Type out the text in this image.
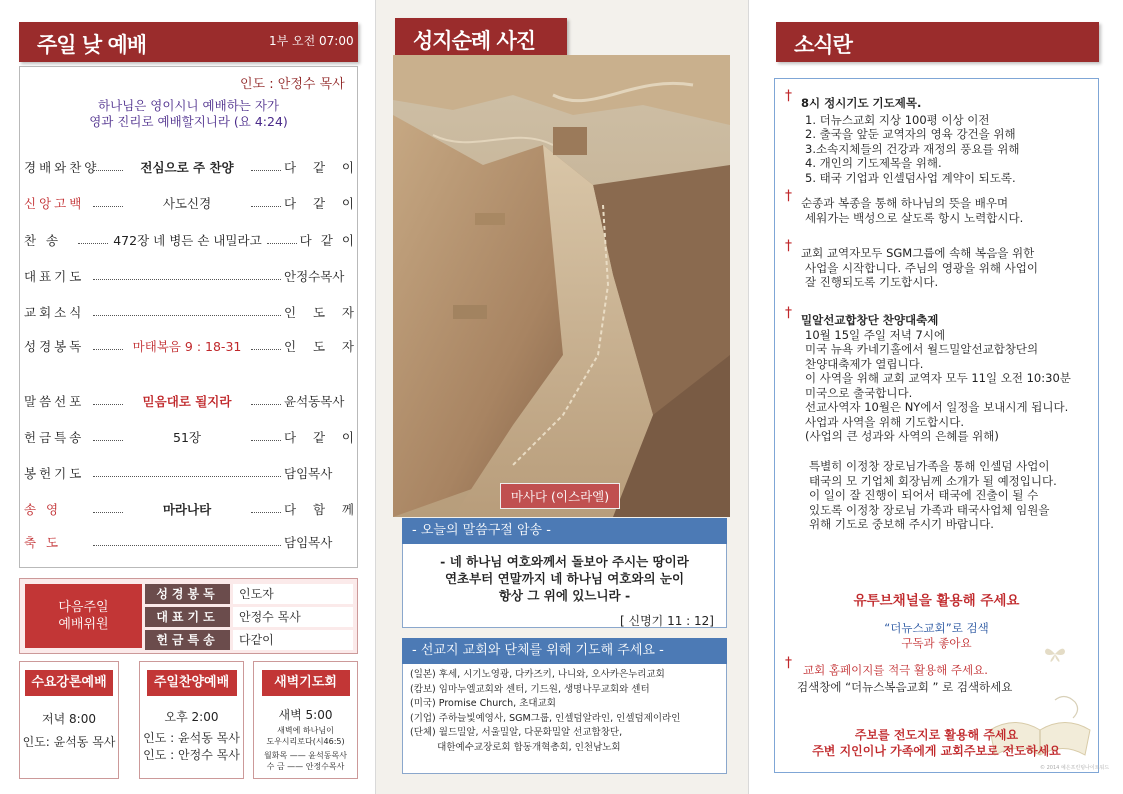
주일 낮 예배	1부 오전 07:00
인도 : 안정수 목사
하나님은 영이시니 예배하는 자가
영과 진리로 예배할지니라 (요 4:24)
경배와찬양	전심으로 주 찬양	다 같 이
신앙고백	사도신경	다 같 이
찬 송	472장 네 병든 손 내밀라고	다 같 이
대표기도	안정수목사
교회소식	인 도 자
성경봉독	마태복음 9 : 18-31	인 도 자
말씀선포	믿음대로 될지라	윤석동목사
헌금특송	51장	다 같 이
봉헌기도	담임목사
송 영	마라나타	다 함 께
축 도	담임목사
다음주일
예배위원
성경봉독	인도자
대표기도	안정수 목사
헌금특송	다같이
수요강론예배
저녁 8:00
인도: 윤석동 목사
주일찬양예배
오후 2:00
인도 : 윤석동 목사
인도 : 안정수 목사
새벽기도회
새벽 5:00
새벽에 하나님이
도우시리로다(시46:5)
월화목 —— 윤석동목사
수 금 —— 안정수목사
성지순례 사진
마사다 (이스라엘)
- 오늘의 말씀구절 암송 -
- 네 하나님 여호와께서 돌보아 주시는 땅이라
연초부터 연말까지 네 하나님 여호와의 눈이
항상 그 위에 있느니라 -
[ 신명기 11 : 12]
- 선교지 교회와 단체를 위해 기도해 주세요 -
(일본) 후세, 시기노영광, 다카즈키, 나니와, 오사카은누리교회
(캄보) 임마누엘교회와 센터, 기드원, 생명나무교회와 센터
(미국) Promise Church, 초대교회
(기업) 주하늘빛예영사, SGM그룹, 인셀덤알라인, 인셀덤제이라인
(단체) 월드밀알, 서울밀알, 다문화밀알 선교합창단,
대한예수교장로회 합동개혁총회, 인천남노회
소식란
† 8시 정시기도 기도제목.
1. 더뉴스교회 지상 100평 이상 이전
2. 출국을 앞둔 교역자의 영육 강건을 위해
3.소속지체들의 건강과 재정의 풍요를 위해
4. 개인의 기도제목을 위해.
5. 태국 기업과 인셀덤사업 계약이 되도록.
† 순종과 복종을 통해 하나님의 뜻을 배우며
세워가는 백성으로 살도록 항시 노력합시다.
† 교회 교역자모두 SGM그룹에 속해 복음을 위한
사업을 시작합니다. 주님의 영광을 위해 사업이
잘 진행되도록 기도합시다.
† 밀알선교합창단 찬양대축제
10월 15일 주일 저녁 7시에
미국 뉴욕 카네기홀에서 월드밀알선교합창단의
찬양대축제가 열립니다.
이 사역을 위해 교회 교역자 모두 11일 오전 10:30분
미국으로 출국합니다.
선교사역자 10월은 NY에서 일정을 보내시게 됩니다.
사업과 사역을 위해 기도합시다.
(사업의 큰 성과와 사역의 은혜를 위해)
특별히 이정창 장로님가족을 통해 인셀덤 사업이
태국의 모 기업체 회장님께 소개가 될 예정입니다.
이 일이 잘 진행이 되어서 태국에 진출이 될 수
있도록 이정창 장로님 가족과 태국사업체 임원을
위해 기도로 중보해 주시기 바랍니다.
유투브채널을 활용해 주세요
“더뉴스교회”로 검색
구독과 좋아요
† 교회 홈페이지를 적극 활용해 주세요.
검색창에 “더뉴스복음교회 ” 로 검색하세요
주보를 전도지로 활용해 주세요
주변 지인이나 가족에게 교회주보로 전도하세요
© 2014 예은프린팅나이트워드
